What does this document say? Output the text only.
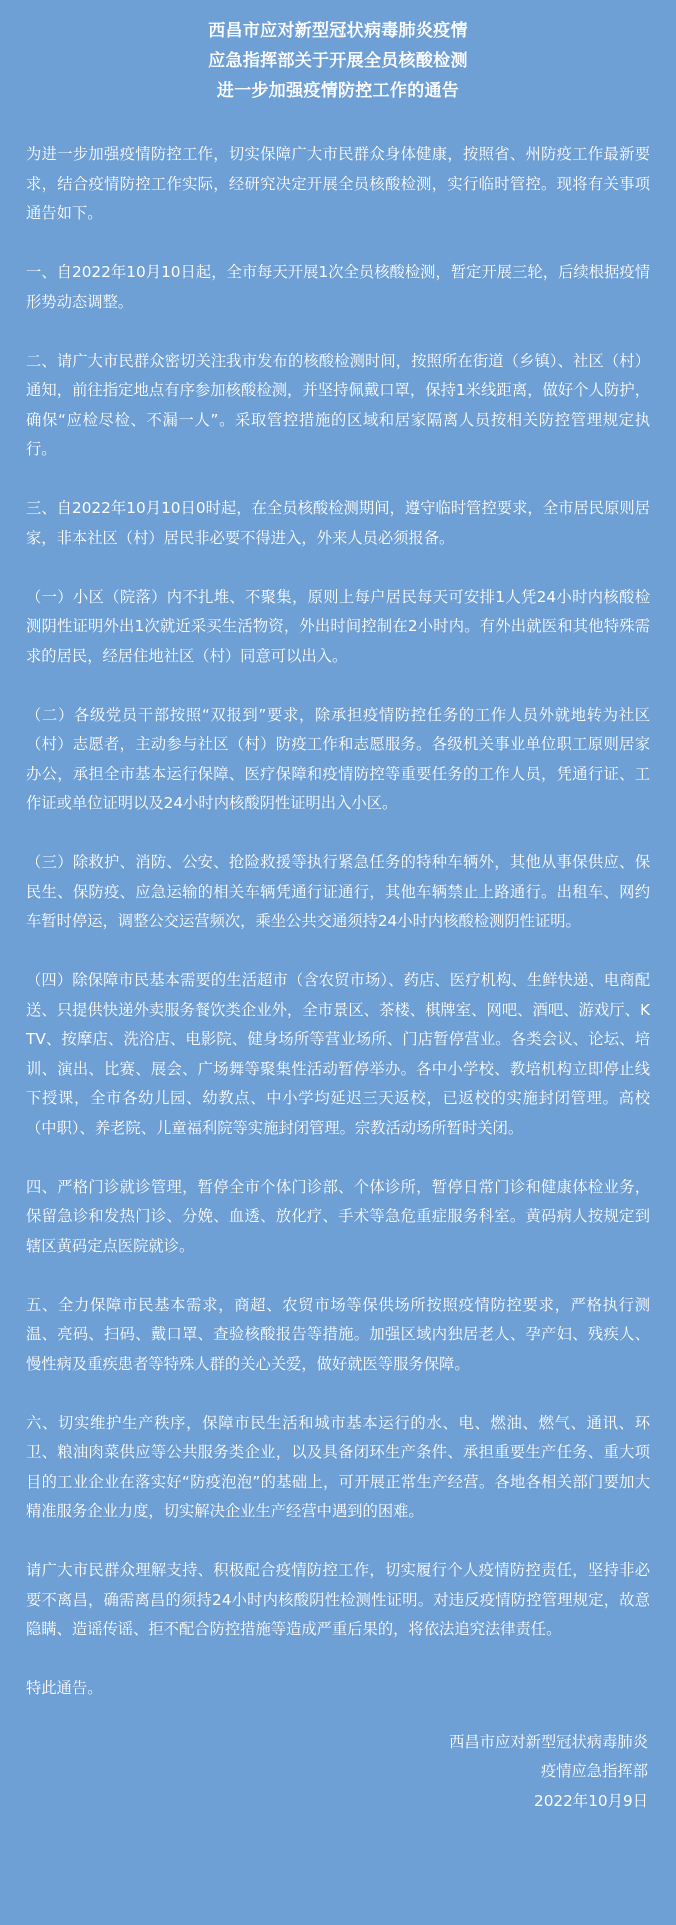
西昌市应对新型冠状病毒肺炎疫情
应急指挥部关于开展全员核酸检测
进一步加强疫情防控工作的通告

为进一步加强疫情防控工作，切实保障广大市民群众身体健康，按照省、州防疫工作最新要求，结合疫情防控工作实际，经研究决定开展全员核酸检测，实行临时管控。现将有关事项通告如下。

一、自2022年10月10日起，全市每天开展1次全员核酸检测，暂定开展三轮，后续根据疫情形势动态调整。

二、请广大市民群众密切关注我市发布的核酸检测时间，按照所在街道（乡镇）、社区（村）通知，前往指定地点有序参加核酸检测，并坚持佩戴口罩，保持1米线距离，做好个人防护，确保“应检尽检、不漏一人”。采取管控措施的区域和居家隔离人员按相关防控管理规定执行。

三、自2022年10月10日0时起，在全员核酸检测期间，遵守临时管控要求，全市居民原则居家，非本社区（村）居民非必要不得进入，外来人员必须报备。

（一）小区（院落）内不扎堆、不聚集，原则上每户居民每天可安排1人凭24小时内核酸检测阴性证明外出1次就近采买生活物资，外出时间控制在2小时内。有外出就医和其他特殊需求的居民，经居住地社区（村）同意可以出入。

（二）各级党员干部按照“双报到”要求，除承担疫情防控任务的工作人员外就地转为社区（村）志愿者，主动参与社区（村）防疫工作和志愿服务。各级机关事业单位职工原则居家办公，承担全市基本运行保障、医疗保障和疫情防控等重要任务的工作人员，凭通行证、工作证或单位证明以及24小时内核酸阴性证明出入小区。

（三）除救护、消防、公安、抢险救援等执行紧急任务的特种车辆外，其他从事保供应、保民生、保防疫、应急运输的相关车辆凭通行证通行，其他车辆禁止上路通行。出租车、网约车暂时停运，调整公交运营频次，乘坐公共交通须持24小时内核酸检测阴性证明。

（四）除保障市民基本需要的生活超市（含农贸市场）、药店、医疗机构、生鲜快递、电商配送、只提供快递外卖服务餐饮类企业外，全市景区、茶楼、棋牌室、网吧、酒吧、游戏厅、KTV、按摩店、洗浴店、电影院、健身场所等营业场所、门店暂停营业。各类会议、论坛、培训、演出、比赛、展会、广场舞等聚集性活动暂停举办。各中小学校、教培机构立即停止线下授课，全市各幼儿园、幼教点、中小学均延迟三天返校，已返校的实施封闭管理。高校（中职）、养老院、儿童福利院等实施封闭管理。宗教活动场所暂时关闭。

四、严格门诊就诊管理，暂停全市个体门诊部、个体诊所，暂停日常门诊和健康体检业务，保留急诊和发热门诊、分娩、血透、放化疗、手术等急危重症服务科室。黄码病人按规定到辖区黄码定点医院就诊。

五、全力保障市民基本需求，商超、农贸市场等保供场所按照疫情防控要求，严格执行测温、亮码、扫码、戴口罩、查验核酸报告等措施。加强区域内独居老人、孕产妇、残疾人、慢性病及重疾患者等特殊人群的关心关爱，做好就医等服务保障。

六、切实维护生产秩序，保障市民生活和城市基本运行的水、电、燃油、燃气、通讯、环卫、粮油肉菜供应等公共服务类企业，以及具备闭环生产条件、承担重要生产任务、重大项目的工业企业在落实好“防疫泡泡”的基础上，可开展正常生产经营。各地各相关部门要加大精准服务企业力度，切实解决企业生产经营中遇到的困难。

请广大市民群众理解支持、积极配合疫情防控工作，切实履行个人疫情防控责任，坚持非必要不离昌，确需离昌的须持24小时内核酸阴性检测性证明。对违反疫情防控管理规定，故意隐瞒、造谣传谣、拒不配合防控措施等造成严重后果的，将依法追究法律责任。

特此通告。

西昌市应对新型冠状病毒肺炎
疫情应急指挥部
2022年10月9日
